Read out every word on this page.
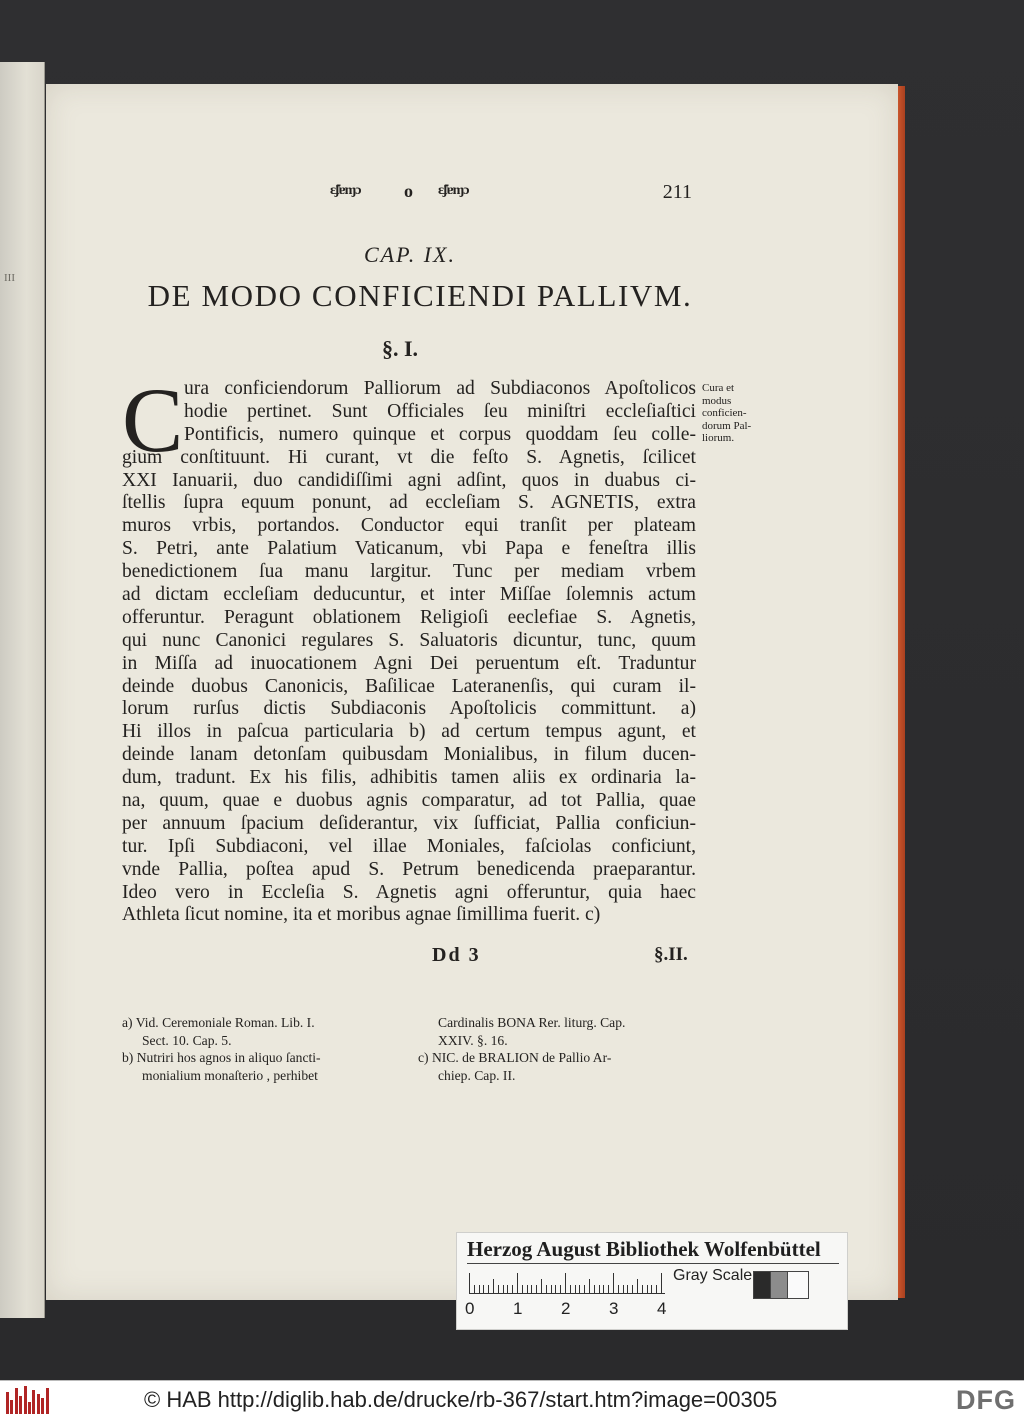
III
ɛ̃ʄɐɱɔ o ɛ̃ʄɐɱɔ	211
CAP. IX.
DE MODO CONFICIENDI PALLIVM.
§. I.
C ura conficiendorum Palliorum ad Subdiaconos Apoſtolicos
hodie pertinet. Sunt Officiales ſeu miniſtri eccleſiaſtici
Pontificis, numero quinque et corpus quoddam ſeu colle-
gium conſtituunt. Hi curant, vt die feſto S. Agnetis, ſcilicet
XXI Ianuarii, duo candidiſſimi agni adſint, quos in duabus ci-
ſtellis ſupra equum ponunt, ad eccleſiam S. AGNETIS, extra
muros vrbis, portandos. Conductor equi tranſit per plateam
S. Petri, ante Palatium Vaticanum, vbi Papa e feneſtra illis
benedictionem ſua manu largitur. Tunc per mediam vrbem
ad dictam eccleſiam deducuntur, et inter Miſſae ſolemnis actum
offeruntur. Peragunt oblationem Religioſi eeclefiae S. Agnetis,
qui nunc Canonici regulares S. Saluatoris dicuntur, tunc, quum
in Miſſa ad inuocationem Agni Dei peruentum eſt. Traduntur
deinde duobus Canonicis, Baſilicae Lateranenſis, qui curam il-
lorum rurſus dictis Subdiaconis Apoſtolicis committunt. a)
Hi illos in paſcua particularia b) ad certum tempus agunt, et
deinde lanam detonſam quibusdam Monialibus, in filum ducen-
dum, tradunt. Ex his filis, adhibitis tamen aliis ex ordinaria la-
na, quum, quae e duobus agnis comparatur, ad tot Pallia, quae
per annuum ſpacium deſiderantur, vix ſufficiat, Pallia conficiun-
tur. Ipſi Subdiaconi, vel illae Moniales, faſciolas conficiunt,
vnde Pallia, poſtea apud S. Petrum benedicenda praeparantur.
Ideo vero in Eccleſia S. Agnetis agni offeruntur, quia haec
Athleta ſicut nomine, ita et moribus agnae ſimillima fuerit. c)
Cura et
modus
conficien-
dorum Pal-
liorum.
Dd 3	§.II.
a) Vid. Ceremoniale Roman. Lib. I.
Sect. 10. Cap. 5.
b) Nutriri hos agnos in aliquo ſancti-
monialium monaſterio , perhibet
Cardinalis BONA Rer. liturg. Cap.
XXIV. §. 16.
c) NIC. de BRALION de Pallio Ar-
chiep. Cap. II.
Herzog August Bibliothek Wolfenbüttel
0 1 2 3 4
Gray Scale
© HAB http://diglib.hab.de/drucke/rb-367/start.htm?image=00305	DFG
